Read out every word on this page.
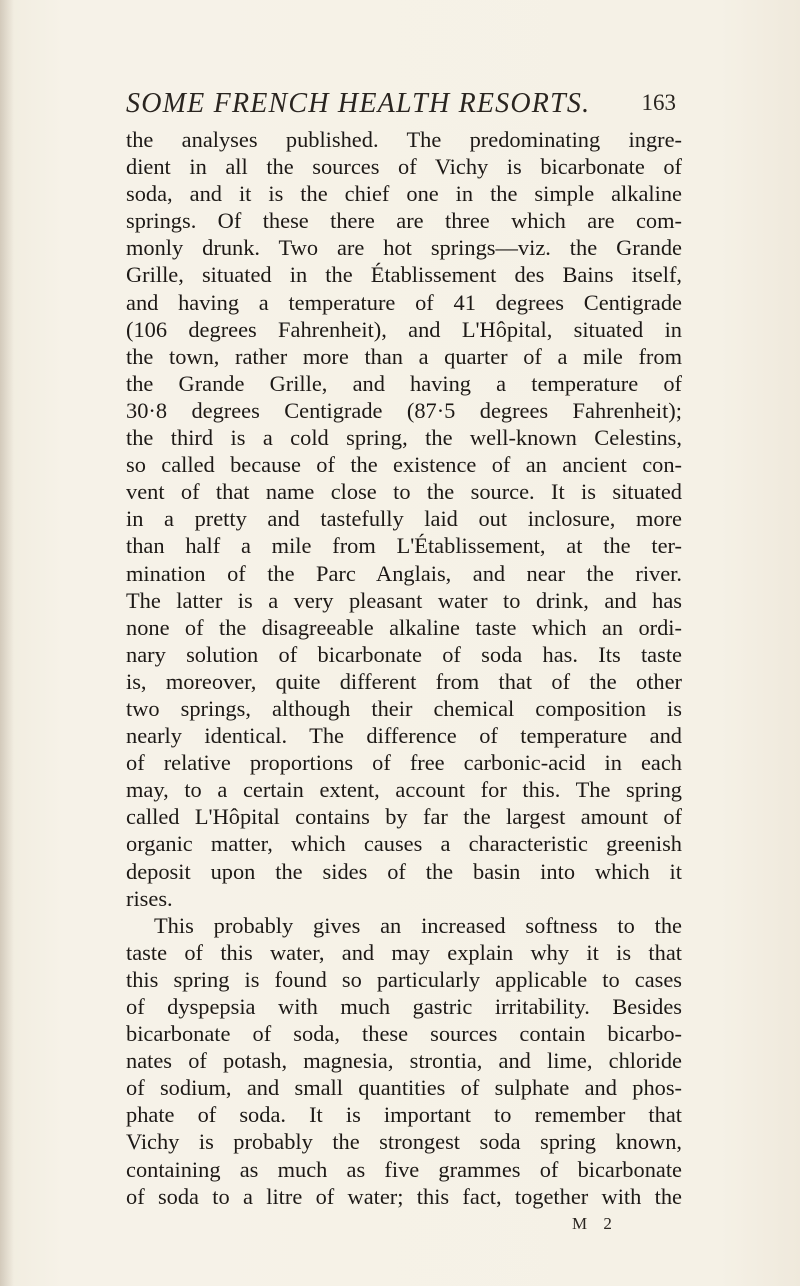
SOME FRENCH HEALTH RESORTS. 163
the analyses published. The predominating ingre-
dient in all the sources of Vichy is bicarbonate of
soda, and it is the chief one in the simple alkaline
springs. Of these there are three which are com-
monly drunk. Two are hot springs—viz. the Grande
Grille, situated in the Établissement des Bains itself,
and having a temperature of 41 degrees Centigrade
(106 degrees Fahrenheit), and L'Hôpital, situated in
the town, rather more than a quarter of a mile from
the Grande Grille, and having a temperature of
30·8 degrees Centigrade (87·5 degrees Fahrenheit);
the third is a cold spring, the well-known Celestins,
so called because of the existence of an ancient con-
vent of that name close to the source. It is situated
in a pretty and tastefully laid out inclosure, more
than half a mile from L'Établissement, at the ter-
mination of the Parc Anglais, and near the river.
The latter is a very pleasant water to drink, and has
none of the disagreeable alkaline taste which an ordi-
nary solution of bicarbonate of soda has. Its taste
is, moreover, quite different from that of the other
two springs, although their chemical composition is
nearly identical. The difference of temperature and
of relative proportions of free carbonic-acid in each
may, to a certain extent, account for this. The spring
called L'Hôpital contains by far the largest amount of
organic matter, which causes a characteristic greenish
deposit upon the sides of the basin into which it
rises.
This probably gives an increased softness to the
taste of this water, and may explain why it is that
this spring is found so particularly applicable to cases
of dyspepsia with much gastric irritability. Besides
bicarbonate of soda, these sources contain bicarbo-
nates of potash, magnesia, strontia, and lime, chloride
of sodium, and small quantities of sulphate and phos-
phate of soda. It is important to remember that
Vichy is probably the strongest soda spring known,
containing as much as five grammes of bicarbonate
of soda to a litre of water; this fact, together with the
M 2
